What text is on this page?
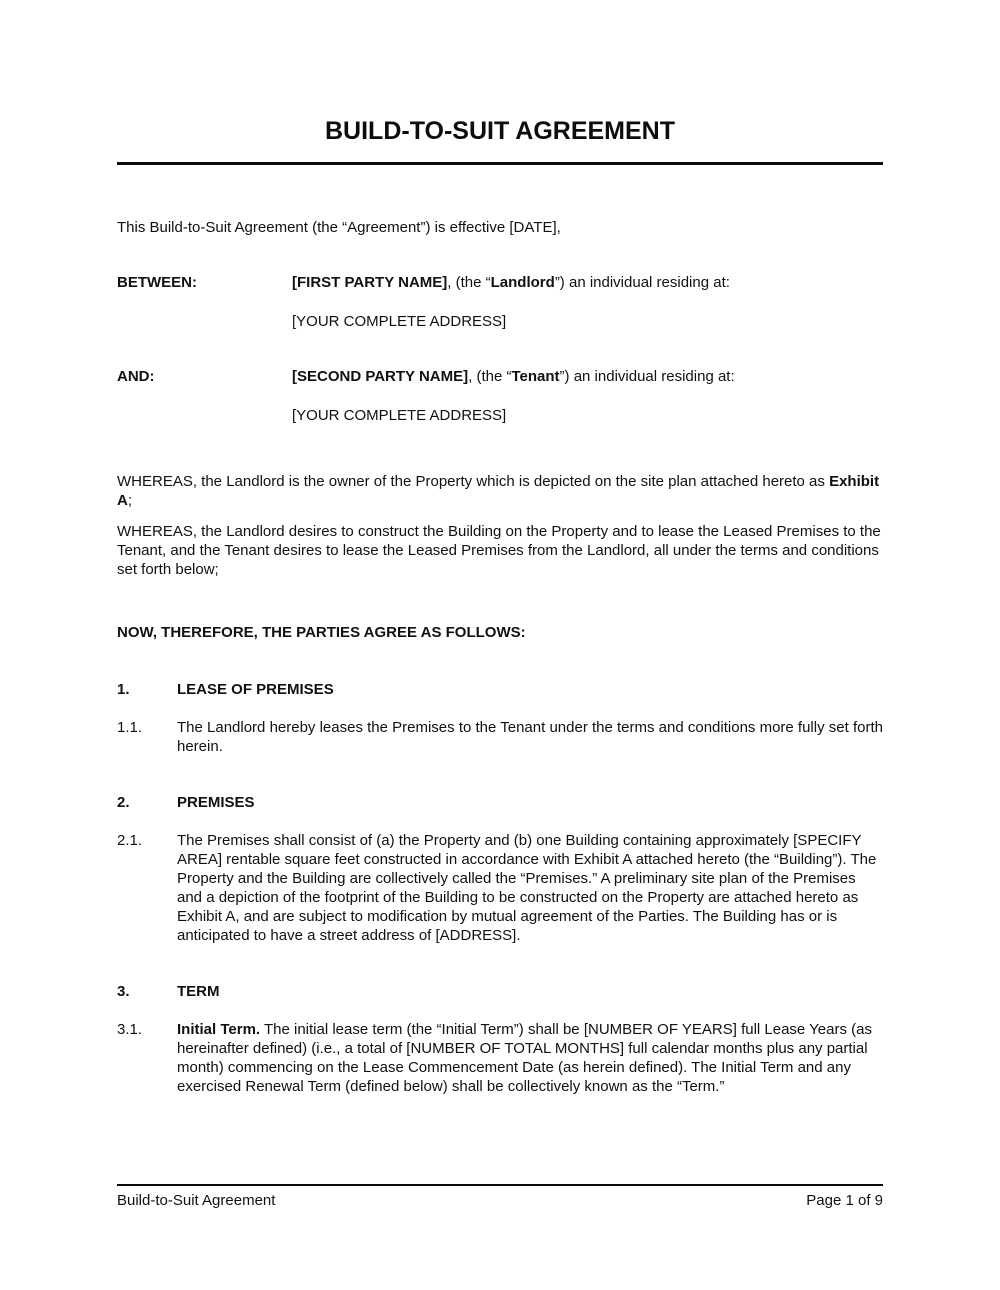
BUILD-TO-SUIT AGREEMENT

This Build-to-Suit Agreement (the “Agreement”) is effective [DATE],

BETWEEN:	[FIRST PARTY NAME], (the “Landlord”) an individual residing at:

[YOUR COMPLETE ADDRESS]

AND:	[SECOND PARTY NAME], (the “Tenant”) an individual residing at:

[YOUR COMPLETE ADDRESS]

WHEREAS, the Landlord is the owner of the Property which is depicted on the site plan attached hereto as Exhibit A;

WHEREAS, the Landlord desires to construct the Building on the Property and to lease the Leased Premises to the Tenant, and the Tenant desires to lease the Leased Premises from the Landlord, all under the terms and conditions set forth below;

NOW, THEREFORE, THE PARTIES AGREE AS FOLLOWS:

1.	LEASE OF PREMISES
1.1.	The Landlord hereby leases the Premises to the Tenant under the terms and conditions more fully set forth herein.
2.	PREMISES
2.1.	The Premises shall consist of (a) the Property and (b) one Building containing approximately [SPECIFY AREA] rentable square feet constructed in accordance with Exhibit A attached hereto (the “Building”). The Property and the Building are collectively called the “Premises.” A preliminary site plan of the Premises and a depiction of the footprint of the Building to be constructed on the Property are attached hereto as Exhibit A, and are subject to modification by mutual agreement of the Parties. The Building has or is anticipated to have a street address of [ADDRESS].
3.	TERM
3.1.	Initial Term. The initial lease term (the “Initial Term”) shall be [NUMBER OF YEARS] full Lease Years (as hereinafter defined) (i.e., a total of [NUMBER OF TOTAL MONTHS] full calendar months plus any partial month) commencing on the Lease Commencement Date (as herein defined). The Initial Term and any exercised Renewal Term (defined below) shall be collectively known as the “Term.”
Build-to-Suit Agreement	Page 1 of 9
